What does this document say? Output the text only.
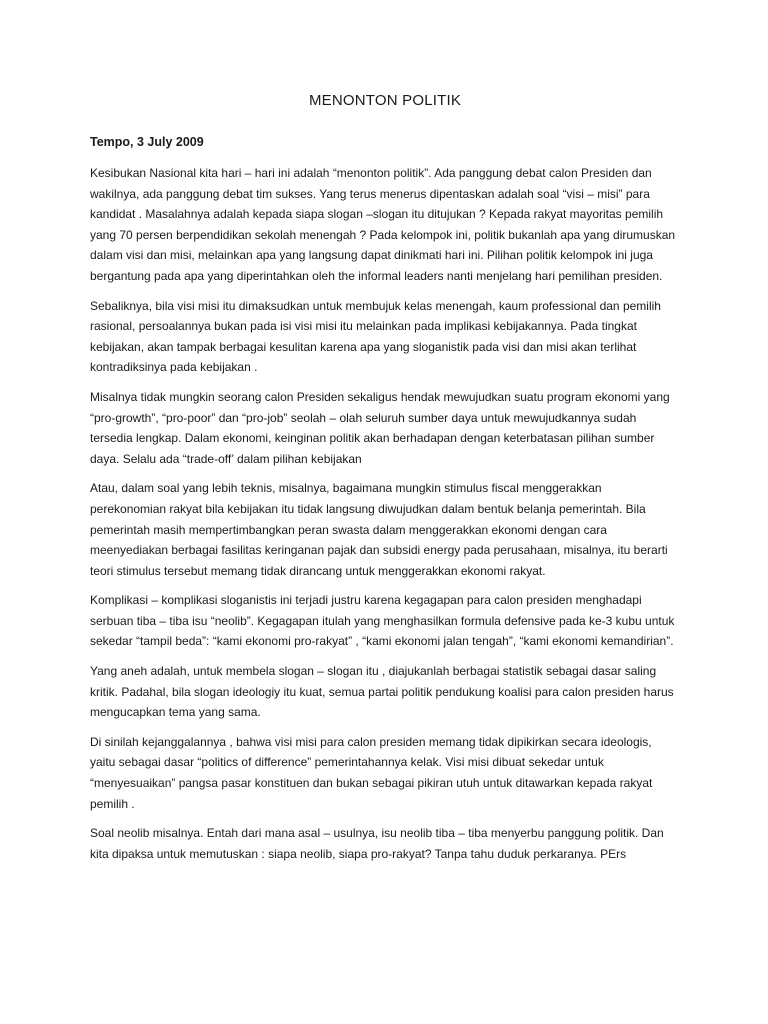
MENONTON POLITIK
Tempo, 3 July 2009

Kesibukan Nasional kita hari – hari ini adalah “menonton politik”. Ada panggung debat calon Presiden dan wakilnya, ada panggung debat tim sukses. Yang terus menerus dipentaskan adalah soal “visi – misi” para kandidat . Masalahnya adalah kepada siapa slogan –slogan itu ditujukan ? Kepada rakyat mayoritas pemilih yang 70 persen berpendidikan sekolah menengah ? Pada kelompok ini, politik bukanlah apa yang dirumuskan dalam visi dan misi, melainkan apa yang langsung dapat dinikmati hari ini. Pilihan politik kelompok ini juga bergantung pada apa yang diperintahkan oleh the informal leaders nanti menjelang hari pemilihan presiden.

Sebaliknya, bila visi misi itu dimaksudkan untuk membujuk kelas menengah, kaum professional dan pemilih rasional, persoalannya bukan pada isi visi misi itu melainkan pada implikasi kebijakannya. Pada tingkat kebijakan, akan tampak berbagai kesulitan karena apa yang sloganistik pada visi dan misi akan terlihat kontradiksinya pada kebijakan .

Misalnya tidak mungkin seorang calon Presiden sekaligus hendak mewujudkan suatu program ekonomi yang “pro-growth”, “pro-poor” dan “pro-job” seolah – olah seluruh sumber daya untuk mewujudkannya sudah tersedia lengkap. Dalam ekonomi, keinginan politik akan berhadapan dengan keterbatasan pilihan sumber daya. Selalu ada “trade-off’ dalam pilihan kebijakan

Atau, dalam soal yang lebih teknis, misalnya, bagaimana mungkin stimulus fiscal menggerakkan perekonomian rakyat bila kebijakan itu tidak langsung diwujudkan dalam bentuk belanja pemerintah. Bila pemerintah masih mempertimbangkan peran swasta dalam menggerakkan ekonomi dengan cara meenyediakan berbagai fasilitas keringanan pajak dan subsidi energy pada perusahaan, misalnya, itu berarti teori stimulus tersebut memang tidak dirancang untuk menggerakkan ekonomi rakyat.

Komplikasi – komplikasi sloganistis ini terjadi justru karena kegagapan para calon presiden menghadapi serbuan tiba – tiba isu “neolib”. Kegagapan itulah yang menghasilkan formula defensive pada ke-3 kubu untuk sekedar “tampil beda”: “kami ekonomi pro-rakyat” , “kami ekonomi jalan tengah”, “kami ekonomi kemandirian”.

Yang aneh adalah, untuk membela slogan – slogan itu , diajukanlah berbagai statistik sebagai dasar saling kritik. Padahal, bila slogan ideologiy itu kuat, semua partai politik pendukung koalisi para calon presiden harus mengucapkan tema yang sama.

Di sinilah kejanggalannya , bahwa visi misi para calon presiden memang tidak dipikirkan secara ideologis, yaitu sebagai dasar “politics of difference” pemerintahannya kelak. Visi misi dibuat sekedar untuk “menyesuaikan” pangsa pasar konstituen dan bukan sebagai pikiran utuh untuk ditawarkan kepada rakyat pemilih .

Soal neolib misalnya. Entah dari mana asal – usulnya, isu neolib tiba – tiba menyerbu panggung politik. Dan kita dipaksa untuk memutuskan : siapa neolib, siapa pro-rakyat? Tanpa tahu duduk perkaranya. PErs
